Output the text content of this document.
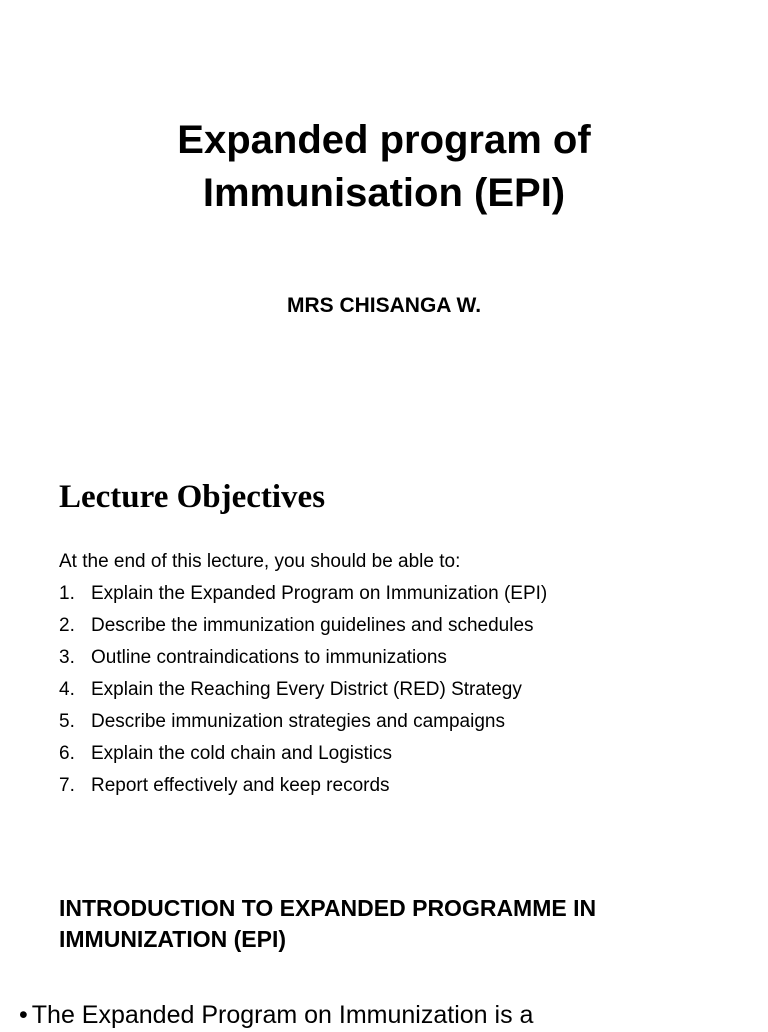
Expanded program of
Immunisation (EPI)

MRS CHISANGA W.

Lecture Objectives

At the end of this lecture, you should be able to:

1. Explain the Expanded Program on Immunization (EPI)
2. Describe the immunization guidelines and schedules
3. Outline contraindications to immunizations
4. Explain the Reaching Every District (RED) Strategy
5. Describe immunization strategies and campaigns
6. Explain the cold chain and Logistics
7. Report effectively and keep records
INTRODUCTION TO EXPANDED PROGRAMME IN IMMUNIZATION (EPI)

• The Expanded Program on Immunization is a
